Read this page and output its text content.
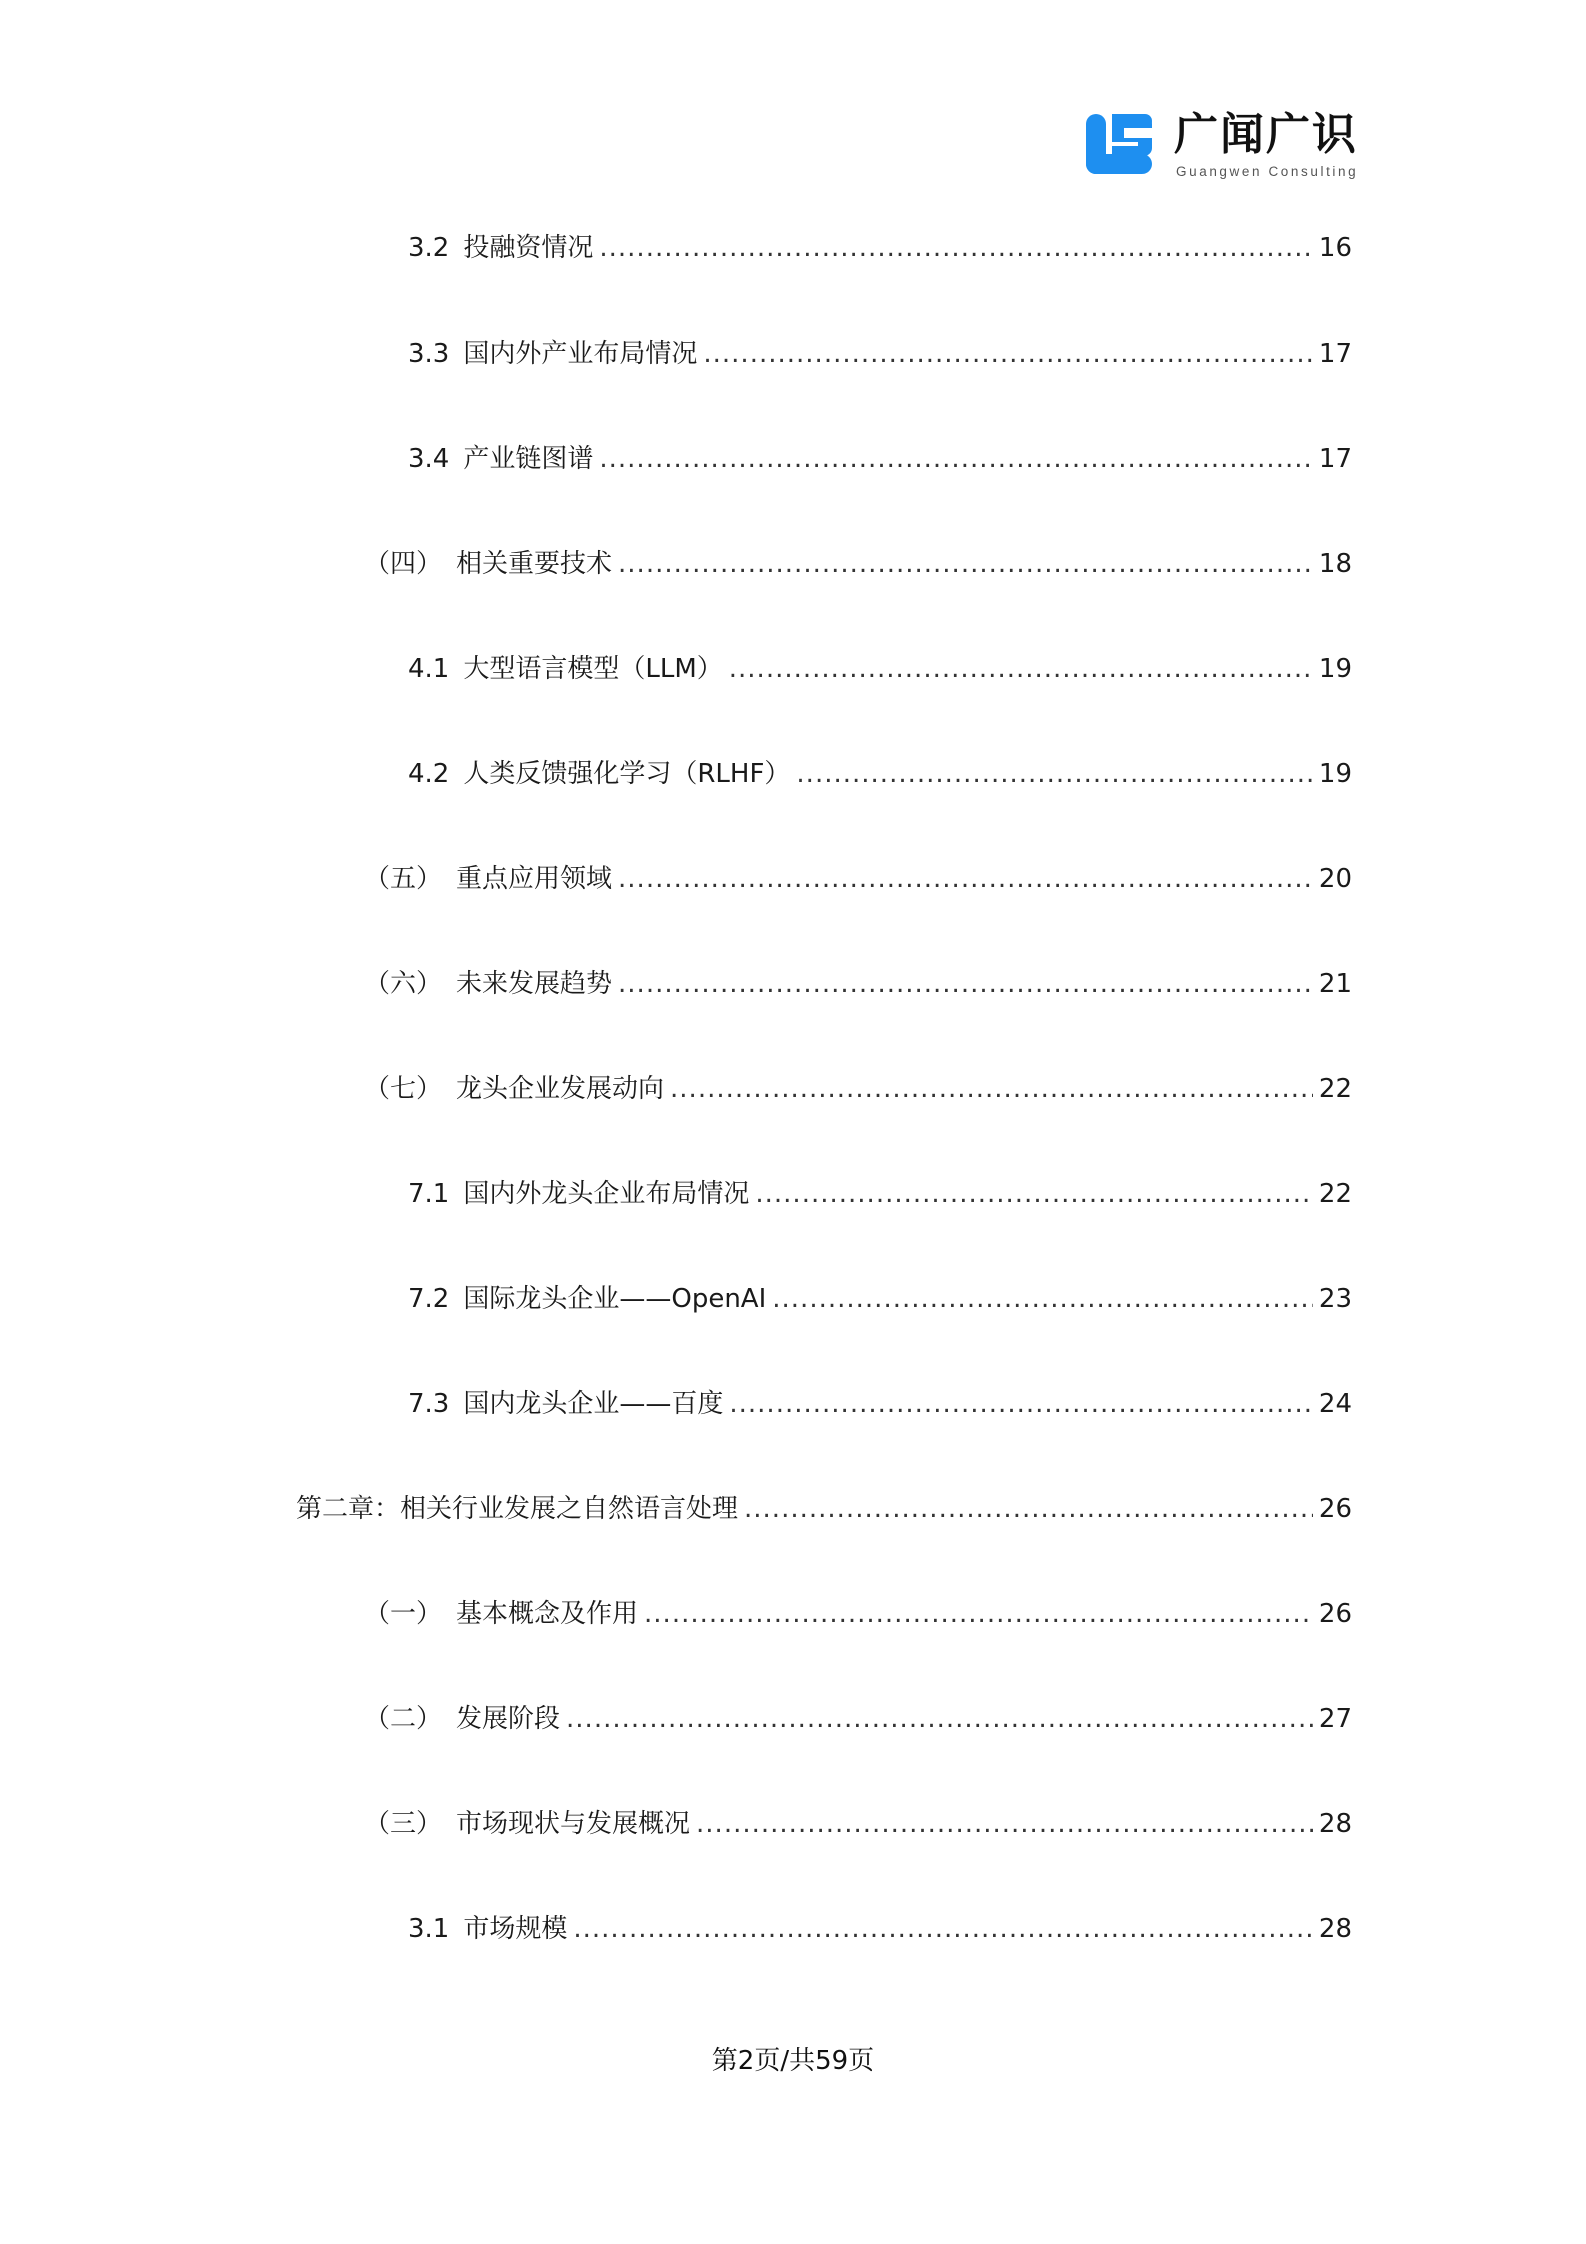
广闻广识
Guangwen Consulting
3.2 投融资情况 .....	16
3.3 国内外产业布局情况 .....	17
3.4 产业链图谱 .....	17
（四） 相关重要技术 .....	18
4.1 大型语言模型（LLM） .....	19
4.2 人类反馈强化学习（RLHF） .....	19
（五） 重点应用领域 .....	20
（六） 未来发展趋势 .....	21
（七） 龙头企业发展动向 .....	22
7.1 国内外龙头企业布局情况 .....	22
7.2 国际龙头企业——OpenAI .....	23
7.3 国内龙头企业——百度 .....	24
第二章：相关行业发展之自然语言处理 .....	26
（一） 基本概念及作用 .....	26
（二） 发展阶段 .....	27
（三） 市场现状与发展概况 .....	28
3.1 市场规模 .....	28
第2页/共59页
